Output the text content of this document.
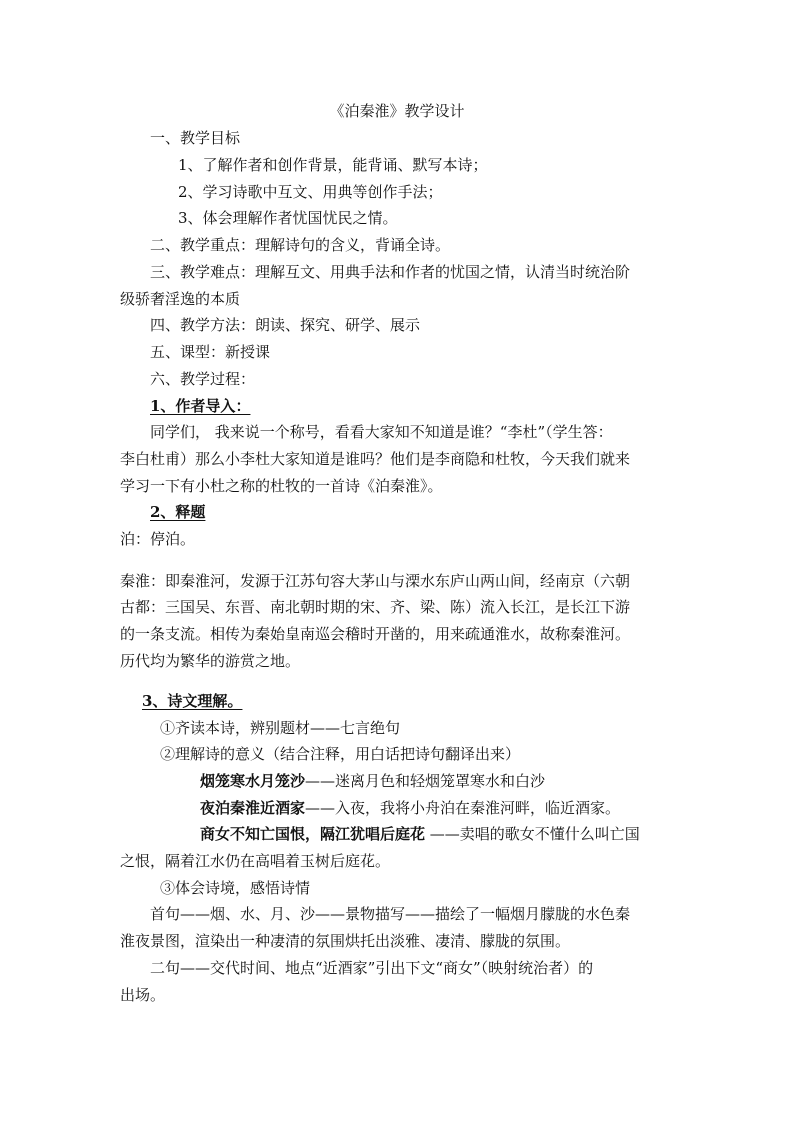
《泊秦淮》教学设计
一、教学目标
1、了解作者和创作背景，能背诵、默写本诗；
2、学习诗歌中互文、用典等创作手法；
3、体会理解作者忧国忧民之情。
二、教学重点：理解诗句的含义，背诵全诗。
三、教学难点：理解互文、用典手法和作者的忧国之情，认清当时统治阶
级骄奢淫逸的本质
四、教学方法：朗读、探究、研学、展示
五、课型：新授课
六、教学过程：
1、作者导入：
同学们， 我来说一个称号，看看大家知不知道是谁？“李杜”（学生答：
李白杜甫）那么小李杜大家知道是谁吗？他们是李商隐和杜牧，今天我们就来
学习一下有小杜之称的杜牧的一首诗《泊秦淮》。
2、释题
泊：停泊。
秦淮：即秦淮河，发源于江苏句容大茅山与溧水东庐山两山间，经南京（六朝
古都：三国吴、东晋、南北朝时期的宋、齐、梁、陈）流入长江，是长江下游
的一条支流。相传为秦始皇南巡会稽时开凿的，用来疏通淮水，故称秦淮河。
历代均为繁华的游赏之地。
3、诗文理解。
①齐读本诗，辨别题材——七言绝句
②理解诗的意义（结合注释，用白话把诗句翻译出来）
烟笼寒水月笼沙——迷离月色和轻烟笼罩寒水和白沙
夜泊秦淮近酒家——入夜，我将小舟泊在秦淮河畔，临近酒家。
商女不知亡国恨，隔江犹唱后庭花 ——卖唱的歌女不懂什么叫亡国
之恨，隔着江水仍在高唱着玉树后庭花。
③体会诗境，感悟诗情
首句——烟、水、月、沙——景物描写——描绘了一幅烟月朦胧的水色秦
淮夜景图，渲染出一种凄清的氛围烘托出淡雅、凄清、朦胧的氛围。
二句——交代时间、地点“近酒家”引出下文“商女”（映射统治者）的
出场。
